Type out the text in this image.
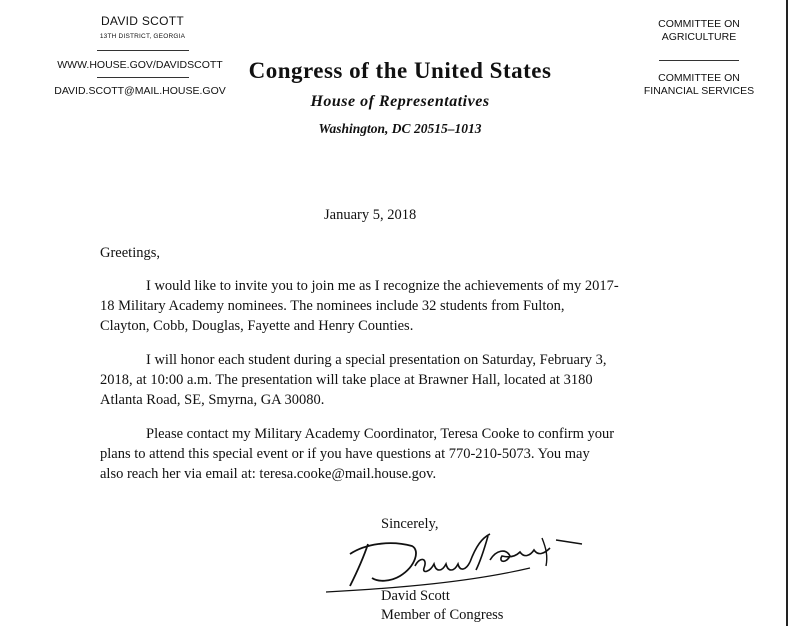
DAVID SCOTT
13TH DISTRICT, GEORGIA
WWW.HOUSE.GOV/DAVIDSCOTT
DAVID.SCOTT@MAIL.HOUSE.GOV
Congress of the United States
House of Representatives
Washington, DC 20515–1013
COMMITTEE ON
AGRICULTURE
COMMITTEE ON
FINANCIAL SERVICES
January 5, 2018
Greetings,
I would like to invite you to join me as I recognize the achievements of my 2017-
18 Military Academy nominees. The nominees include 32 students from Fulton,
Clayton, Cobb, Douglas, Fayette and Henry Counties.
I will honor each student during a special presentation on Saturday, February 3,
2018, at 10:00 a.m. The presentation will take place at Brawner Hall, located at 3180
Atlanta Road, SE, Smyrna, GA 30080.
Please contact my Military Academy Coordinator, Teresa Cooke to confirm your
plans to attend this special event or if you have questions at 770-210-5073. You may
also reach her via email at: teresa.cooke@mail.house.gov.
Sincerely,
David Scott
Member of Congress
